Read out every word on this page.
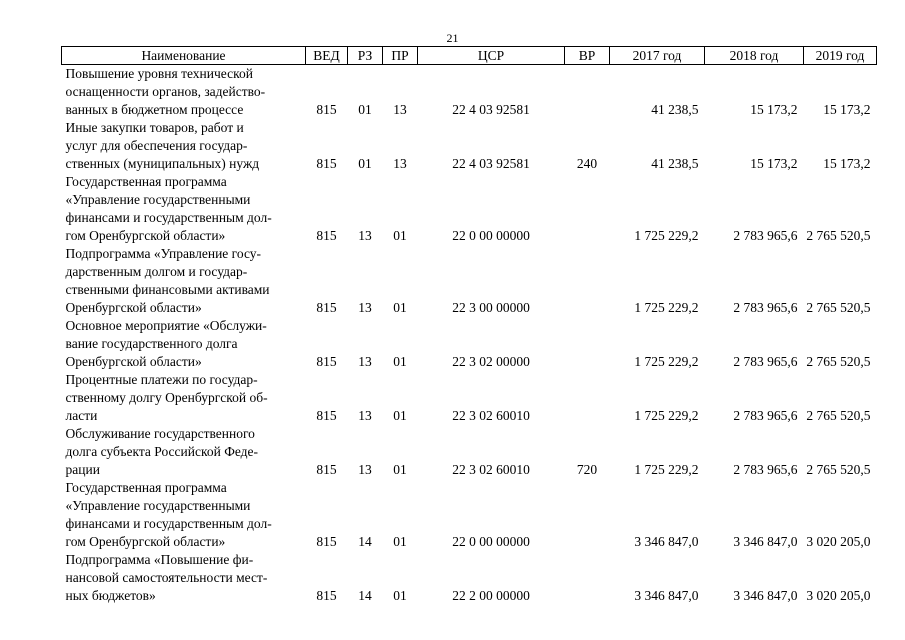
21
Наименование	ВЕД	РЗ	ПР	ЦСР	ВР	2017 год	2018 год	2019 год
Повышение уровня технической
оснащенности органов, задейство-
ванных в бюджетном процессе	815	01	13	22 4 03 92581		41 238,5	15 173,2	15 173,2
Иные закупки товаров, работ и
услуг для обеспечения государ-
ственных (муниципальных) нужд	815	01	13	22 4 03 92581	240	41 238,5	15 173,2	15 173,2
Государственная программа
«Управление государственными
финансами и государственным дол-
гом Оренбургской области»	815	13	01	22 0 00 00000		1 725 229,2	2 783 965,6	2 765 520,5
Подпрограмма «Управление госу-
дарственным долгом и государ-
ственными финансовыми активами
Оренбургской области»	815	13	01	22 3 00 00000		1 725 229,2	2 783 965,6	2 765 520,5
Основное мероприятие «Обслужи-
вание государственного долга
Оренбургской области»	815	13	01	22 3 02 00000		1 725 229,2	2 783 965,6	2 765 520,5
Процентные платежи по государ-
ственному долгу Оренбургской об-
ласти	815	13	01	22 3 02 60010		1 725 229,2	2 783 965,6	2 765 520,5
Обслуживание государственного
долга субъекта Российской Феде-
рации	815	13	01	22 3 02 60010	720	1 725 229,2	2 783 965,6	2 765 520,5
Государственная программа
«Управление государственными
финансами и государственным дол-
гом Оренбургской области»	815	14	01	22 0 00 00000		3 346 847,0	3 346 847,0	3 020 205,0
Подпрограмма «Повышение фи-
нансовой самостоятельности мест-
ных бюджетов»	815	14	01	22 2 00 00000		3 346 847,0	3 346 847,0	3 020 205,0
